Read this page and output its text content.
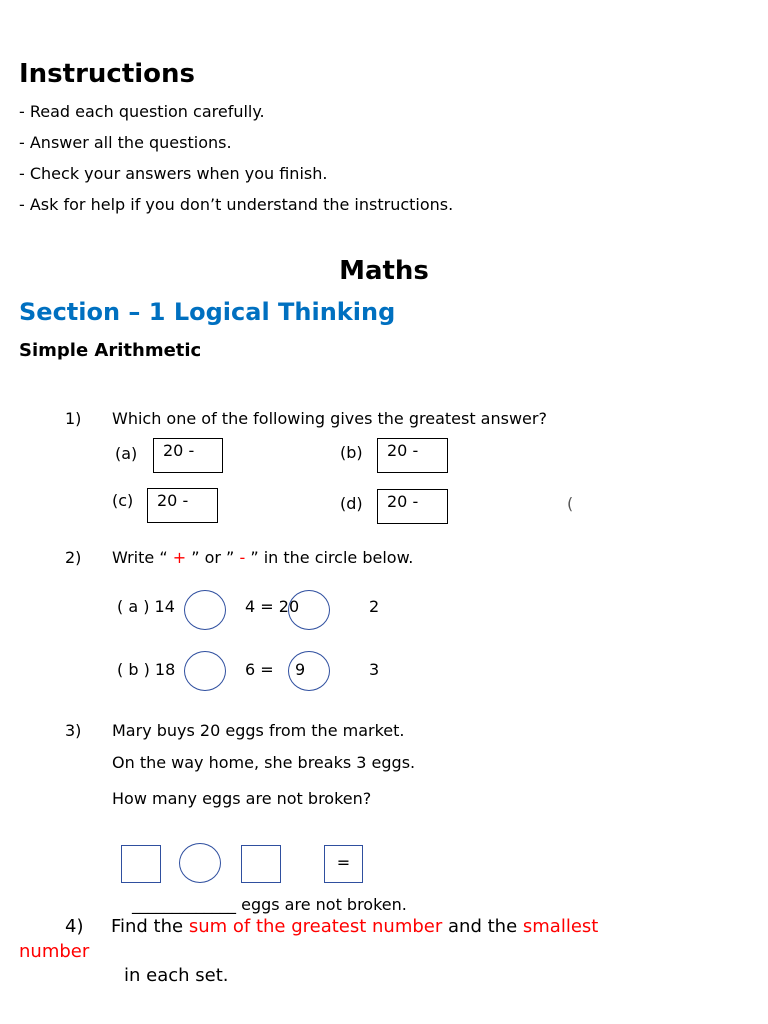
Instructions
- Read each question carefully.
- Answer all the questions.
- Check your answers when you finish.
- Ask for help if you don’t understand the instructions.
Maths
Section – 1 Logical Thinking
Simple Arithmetic
1) Which one of the following gives the greatest answer?
(a)	20 -	(b)	20 -
(c)	20 -	(d)	20 -	(
2) Write “ + ” or ” - ” in the circle below.
( a ) 14	4 = 20	2
( b ) 18	6 = 9	3
3) Mary buys 20 eggs from the market.
On the way home, she breaks 3 eggs.
How many eggs are not broken?
=
_____________ eggs are not broken.
4) Find the sum of the greatest number and the smallest
number
in each set.
